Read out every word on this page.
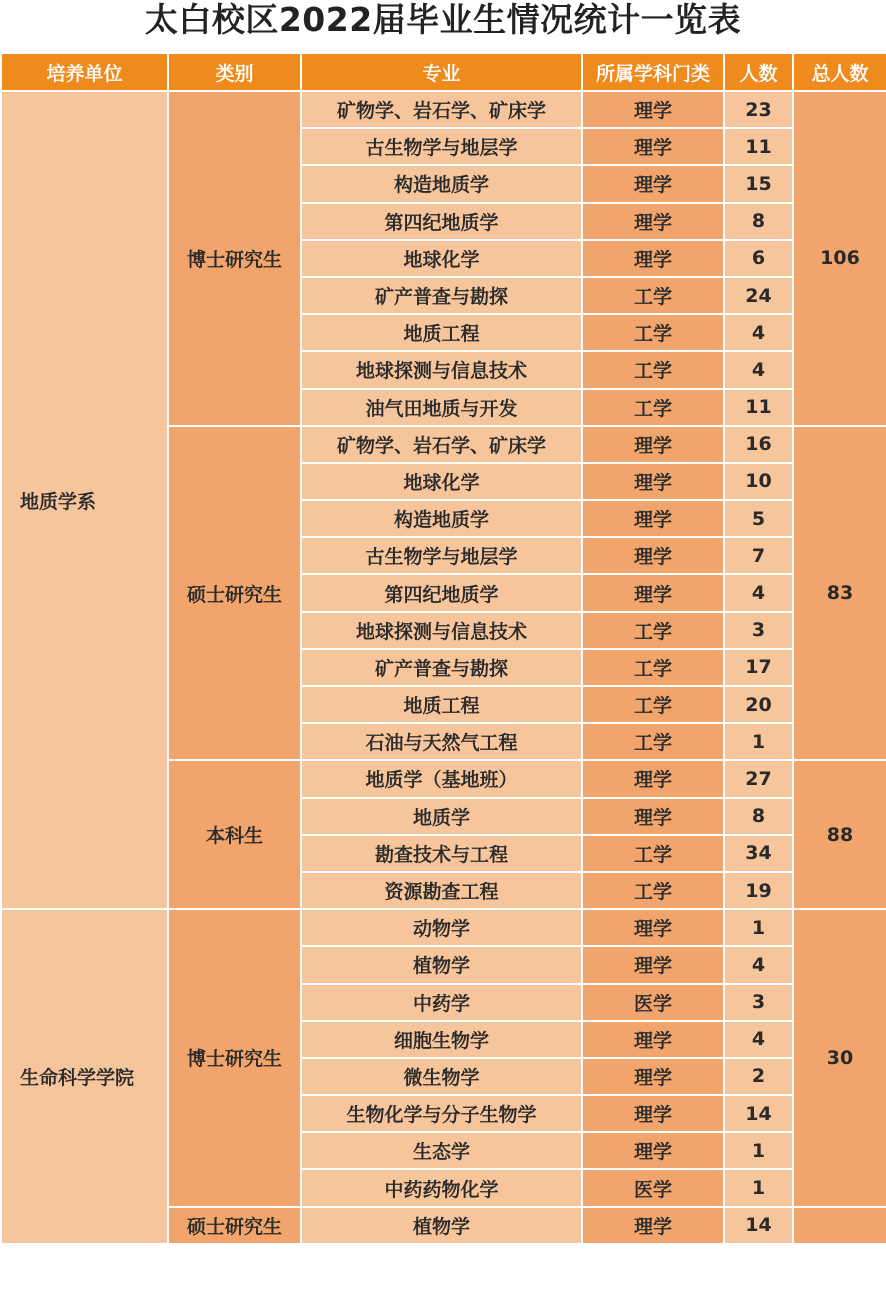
太白校区2022届毕业生情况统计一览表
培养单位	类别	专业	所属学科门类	人数	总人数
地质学系	博士研究生	矿物学、岩石学、矿床学	理学	23	106
		古生物学与地层学	理学	11	
		构造地质学	理学	15	
		第四纪地质学	理学	8	
		地球化学	理学	6	
		矿产普查与勘探	工学	24	
		地质工程	工学	4	
		地球探测与信息技术	工学	4	
		油气田地质与开发	工学	11	
	硕士研究生	矿物学、岩石学、矿床学	理学	16	83
		地球化学	理学	10	
		构造地质学	理学	5	
		古生物学与地层学	理学	7	
		第四纪地质学	理学	4	
		地球探测与信息技术	工学	3	
		矿产普查与勘探	工学	17	
		地质工程	工学	20	
		石油与天然气工程	工学	1	
	本科生	地质学（基地班）	理学	27	88
		地质学	理学	8	
		勘查技术与工程	工学	34	
		资源勘查工程	工学	19	
生命科学学院	博士研究生	动物学	理学	1	30
		植物学	理学	4	
		中药学	医学	3	
		细胞生物学	理学	4	
		微生物学	理学	2	
		生物化学与分子生物学	理学	14	
		生态学	理学	1	
		中药药物化学	医学	1	
	硕士研究生	植物学	理学	14	
